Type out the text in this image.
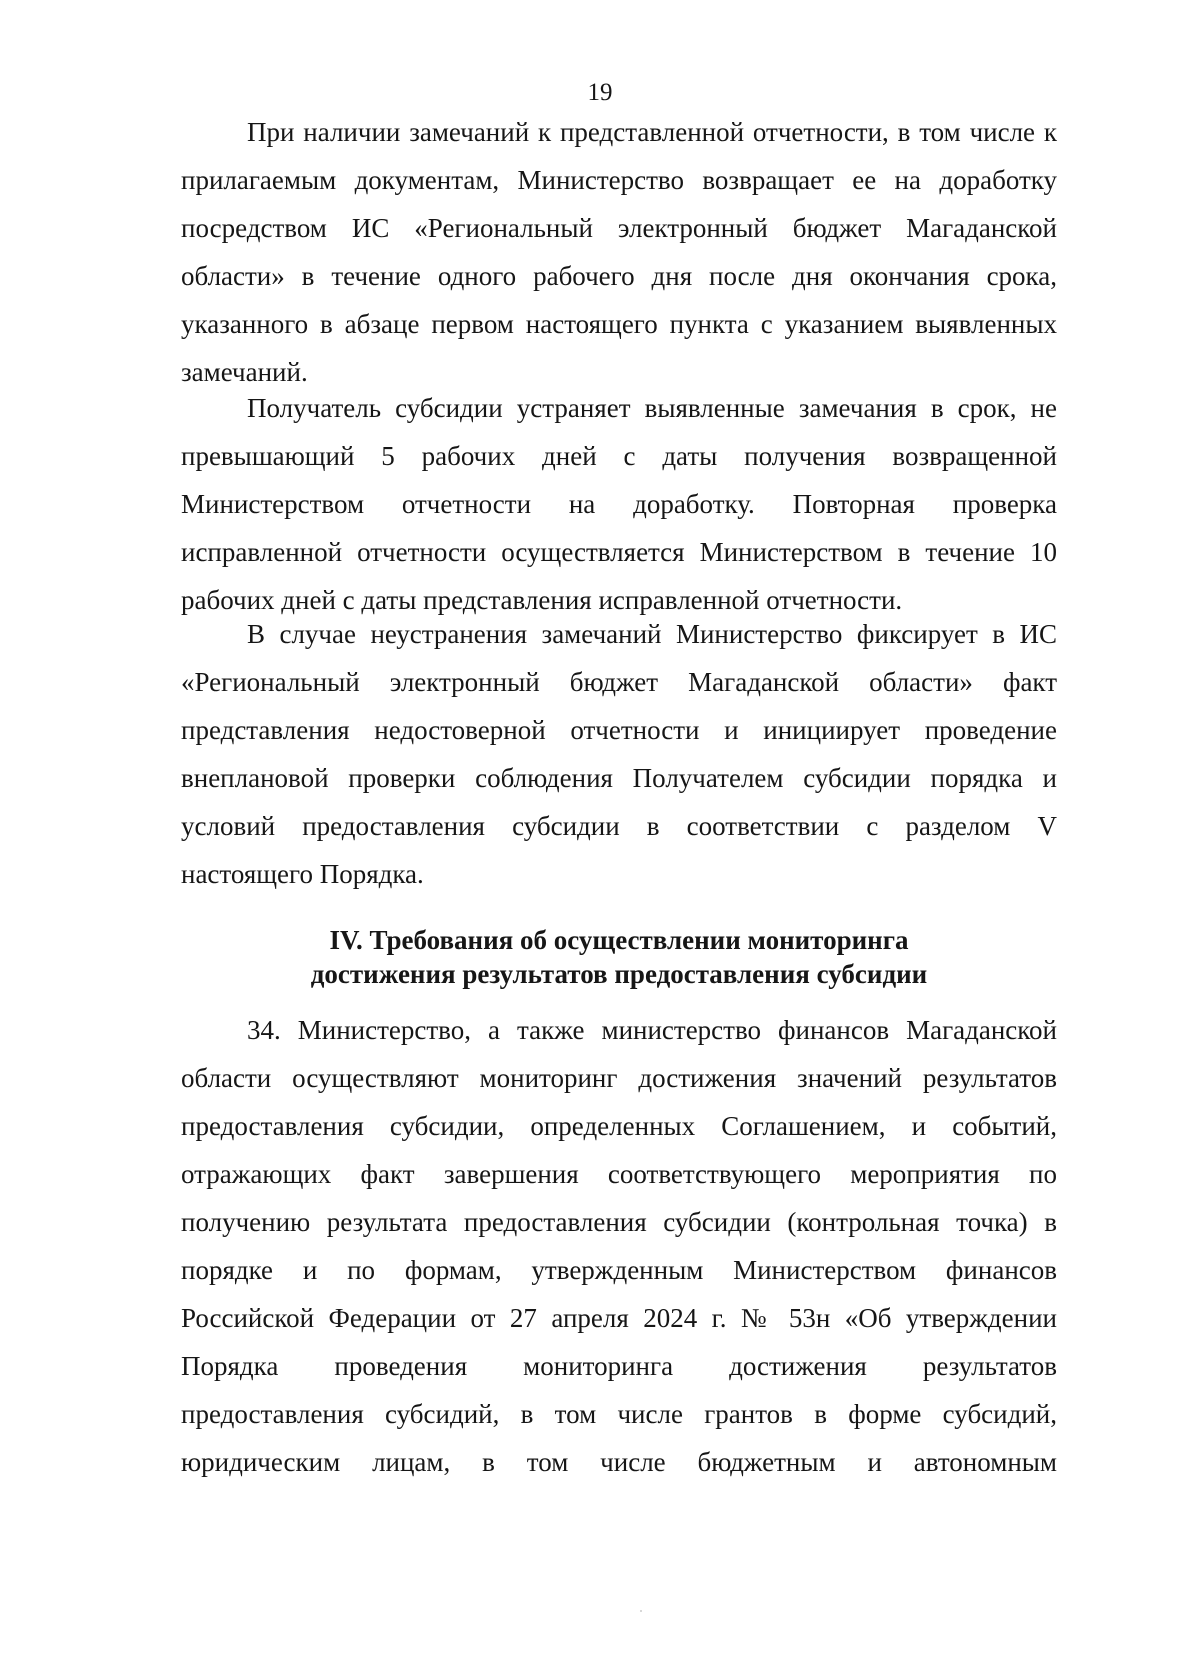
19
При наличии замечаний к представленной отчетности, в том числе к
прилагаемым документам, Министерство возвращает ее на доработку
посредством ИС «Региональный электронный бюджет Магаданской
области» в течение одного рабочего дня после дня окончания срока,
указанного в абзаце первом настоящего пункта с указанием выявленных
замечаний.
Получатель субсидии устраняет выявленные замечания в срок, не
превышающий 5 рабочих дней с даты получения возвращенной
Министерством отчетности на доработку. Повторная проверка
исправленной отчетности осуществляется Министерством в течение 10
рабочих дней с даты представления исправленной отчетности.
В случае неустранения замечаний Министерство фиксирует в ИС
«Региональный электронный бюджет Магаданской области» факт
представления недостоверной отчетности и инициирует проведение
внеплановой проверки соблюдения Получателем субсидии порядка и
условий предоставления субсидии в соответствии с разделом V
настоящего Порядка.
IV. Требования об осуществлении мониторинга
достижения результатов предоставления субсидии
34. Министерство, а также министерство финансов Магаданской
области осуществляют мониторинг достижения значений результатов
предоставления субсидии, определенных Соглашением, и событий,
отражающих факт завершения соответствующего мероприятия по
получению результата предоставления субсидии (контрольная точка) в
порядке и по формам, утвержденным Министерством финансов
Российской Федерации от 27 апреля 2024 г. № 53н «Об утверждении
Порядка проведения мониторинга достижения результатов
предоставления субсидий, в том числе грантов в форме субсидий,
юридическим лицам, в том числе бюджетным и автономным
